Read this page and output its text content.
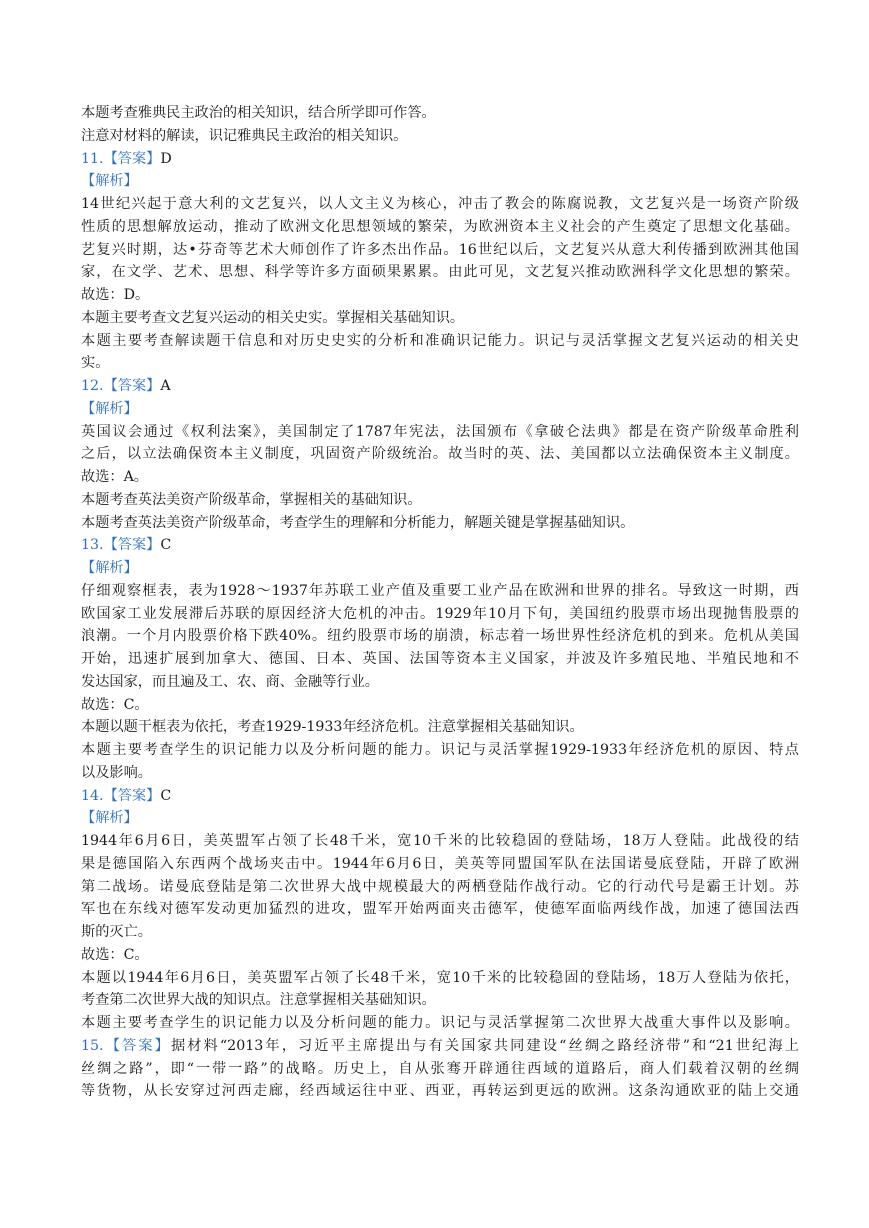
本题考查雅典民主政治的相关知识，结合所学即可作答。
注意对材料的解读，识记雅典民主政治的相关知识。
11.【答案】D
【解析】
14世纪兴起于意大利的文艺复兴，以人文主义为核心，冲击了教会的陈腐说教，文艺复兴是一场资产阶级
性质的思想解放运动，推动了欧洲文化思想领域的繁荣，为欧洲资本主义社会的产生奠定了思想文化基础。
艺复兴时期，达•芬奇等艺术大师创作了许多杰出作品。16世纪以后，文艺复兴从意大利传播到欧洲其他国
家，在文学、艺术、思想、科学等许多方面硕果累累。由此可见，文艺复兴推动欧洲科学文化思想的繁荣。
故选：D。
本题主要考查文艺复兴运动的相关史实。掌握相关基础知识。
本题主要考查解读题干信息和对历史史实的分析和准确识记能力。识记与灵活掌握文艺复兴运动的相关史
实。
12.【答案】A
【解析】
英国议会通过《权利法案》，美国制定了1787年宪法，法国颁布《拿破仑法典》都是在资产阶级革命胜利
之后，以立法确保资本主义制度，巩固资产阶级统治。故当时的英、法、美国都以立法确保资本主义制度。
故选：A。
本题考查英法美资产阶级革命，掌握相关的基础知识。
本题考查英法美资产阶级革命，考查学生的理解和分析能力，解题关键是掌握基础知识。
13.【答案】C
【解析】
仔细观察框表，表为1928～1937年苏联工业产值及重要工业产品在欧洲和世界的排名。导致这一时期，西
欧国家工业发展滞后苏联的原因经济大危机的冲击。1929年10月下旬，美国纽约股票市场出现抛售股票的
浪潮。一个月内股票价格下跌40%。纽约股票市场的崩溃，标志着一场世界性经济危机的到来。危机从美国
开始，迅速扩展到加拿大、德国、日本、英国、法国等资本主义国家，并波及许多殖民地、半殖民地和不
发达国家，而且遍及工、农、商、金融等行业。
故选：C。
本题以题干框表为依托，考查1929-1933年经济危机。注意掌握相关基础知识。
本题主要考查学生的识记能力以及分析问题的能力。识记与灵活掌握1929-1933年经济危机的原因、特点
以及影响。
14.【答案】C
【解析】
1944年6月6日，美英盟军占领了长48千米，宽10千米的比较稳固的登陆场，18万人登陆。此战役的结
果是德国陷入东西两个战场夹击中。1944年6月6日，美英等同盟国军队在法国诺曼底登陆，开辟了欧洲
第二战场。诺曼底登陆是第二次世界大战中规模最大的两栖登陆作战行动。它的行动代号是霸王计划。苏
军也在东线对德军发动更加猛烈的进攻，盟军开始两面夹击德军，使德军面临两线作战，加速了德国法西
斯的灭亡。
故选：C。
本题以1944年6月6日，美英盟军占领了长48千米，宽10千米的比较稳固的登陆场，18万人登陆为依托，
考查第二次世界大战的知识点。注意掌握相关基础知识。
本题主要考查学生的识记能力以及分析问题的能力。识记与灵活掌握第二次世界大战重大事件以及影响。
15.【答案】据材料“2013年，习近平主席提出与有关国家共同建设“丝绸之路经济带”和“21世纪海上
丝绸之路”，即“一带一路”的战略。历史上，自从张骞开辟通往西域的道路后，商人们载着汉朝的丝绸
等货物，从长安穿过河西走廊，经西域运往中亚、西亚，再转运到更远的欧洲。这条沟通欧亚的陆上交通
